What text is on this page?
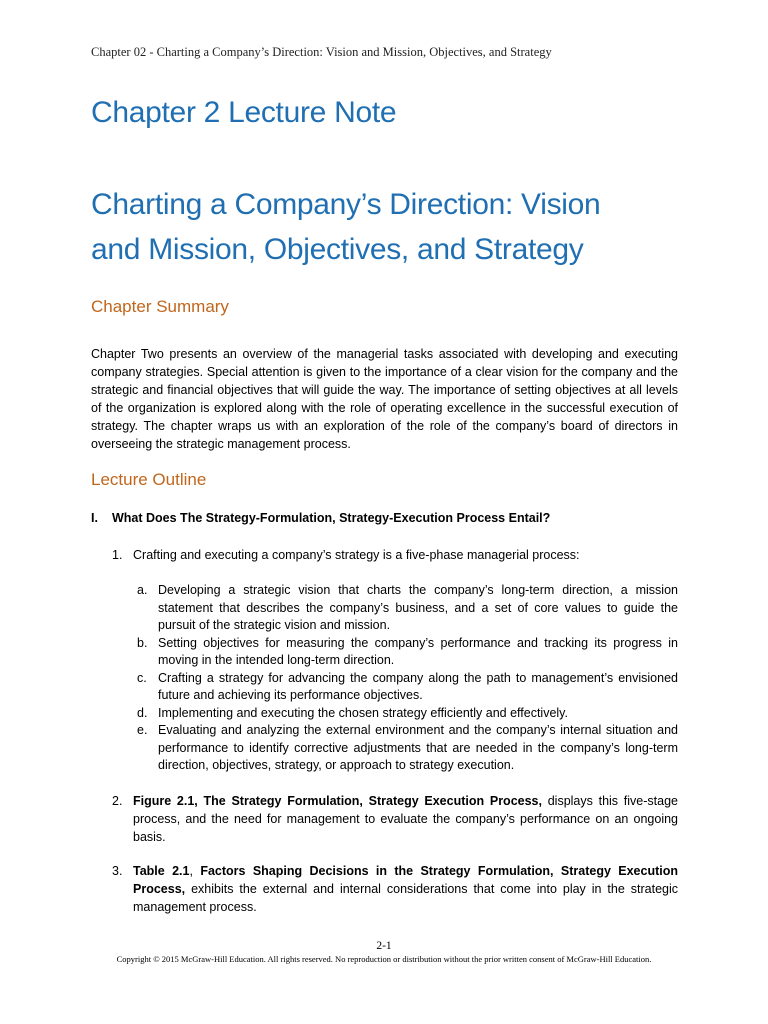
Chapter 02 - Charting a Company’s Direction: Vision and Mission, Objectives, and Strategy
Chapter 2 Lecture Note
Charting a Company’s Direction: Vision
and Mission, Objectives, and Strategy
Chapter Summary

Chapter Two presents an overview of the managerial tasks associated with developing and executing company strategies. Special attention is given to the importance of a clear vision for the company and the strategic and financial objectives that will guide the way. The importance of setting objectives at all levels of the organization is explored along with the role of operating excellence in the successful execution of strategy. The chapter wraps us with an exploration of the role of the company’s board of directors in overseeing the strategic management process.

Lecture Outline

I. What Does The Strategy-Formulation, Strategy-Execution Process Entail?

1. Crafting and executing a company’s strategy is a five-phase managerial process:
a. Developing a strategic vision that charts the company’s long-term direction, a mission statement that describes the company’s business, and a set of core values to guide the pursuit of the strategic vision and mission.
b. Setting objectives for measuring the company’s performance and tracking its progress in moving in the intended long-term direction.
c. Crafting a strategy for advancing the company along the path to management’s envisioned future and achieving its performance objectives.
d. Implementing and executing the chosen strategy efficiently and effectively.
e. Evaluating and analyzing the external environment and the company’s internal situation and performance to identify corrective adjustments that are needed in the company’s long-term direction, objectives, strategy, or approach to strategy execution.
2. Figure 2.1, The Strategy Formulation, Strategy Execution Process, displays this five-stage process, and the need for management to evaluate the company’s performance on an ongoing basis.
3. Table 2.1, Factors Shaping Decisions in the Strategy Formulation, Strategy Execution Process, exhibits the external and internal considerations that come into play in the strategic management process.
2-1
Copyright © 2015 McGraw-Hill Education. All rights reserved. No reproduction or distribution without the prior written consent of McGraw-Hill Education.
